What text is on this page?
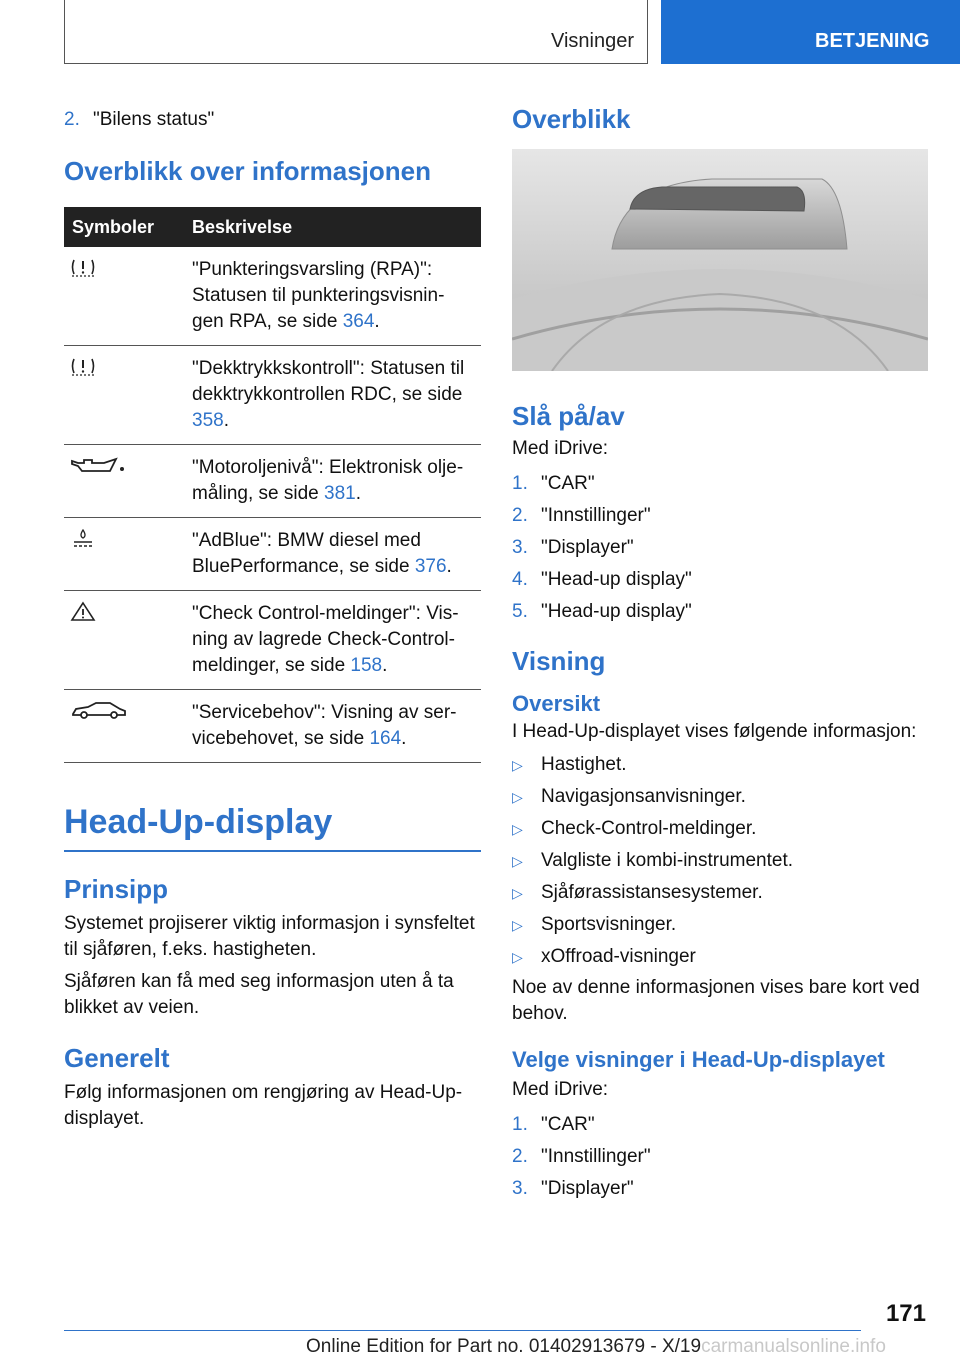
Visninger	BETJENING
2. "Bilens status"
Overblikk over informasjonen
Symboler	Beskrivelse
	"Punkteringsvarsling (RPA)": Statusen til punkteringsvisnin- gen RPA, se side 364.
	"Dekktrykkskontroll": Statusen til dekktrykkontrollen RDC, se side 358.
	"Motoroljenivå": Elektronisk olje- måling, se side 381.
	"AdBlue": BMW diesel med BluePerformance, se side 376.
	"Check Control-meldinger": Vis- ning av lagrede Check-Control- meldinger, se side 158.
	"Servicebehov": Visning av ser- vicebehovet, se side 164.
Head-Up-display
Prinsipp

Systemet projiserer viktig informasjon i synsfeltet til sjåføren, f.eks. hastigheten.

Sjåføren kan få med seg informasjon uten å ta blikket av veien.

Generelt

Følg informasjonen om rengjøring av Head-Up-displayet.

Overblikk
Slå på/av

Med iDrive:

1. "CAR"
2. "Innstillinger"
3. "Displayer"
4. "Head-up display"
5. "Head-up display"
Visning
Oversikt

I Head-Up-displayet vises følgende informasjon:

▷ Hastighet.
▷ Navigasjonsanvisninger.
▷ Check-Control-meldinger.
▷ Valgliste i kombi-instrumentet.
▷ Sjåførassistansesystemer.
▷ Sportsvisninger.
▷ xOffroad-visninger

Noe av denne informasjonen vises bare kort ved behov.

Velge visninger i Head-Up-displayet

Med iDrive:

1. "CAR"
2. "Innstillinger"
3. "Displayer"
171
Online Edition for Part no. 01402913679 - X/19carmanualsonline.info
